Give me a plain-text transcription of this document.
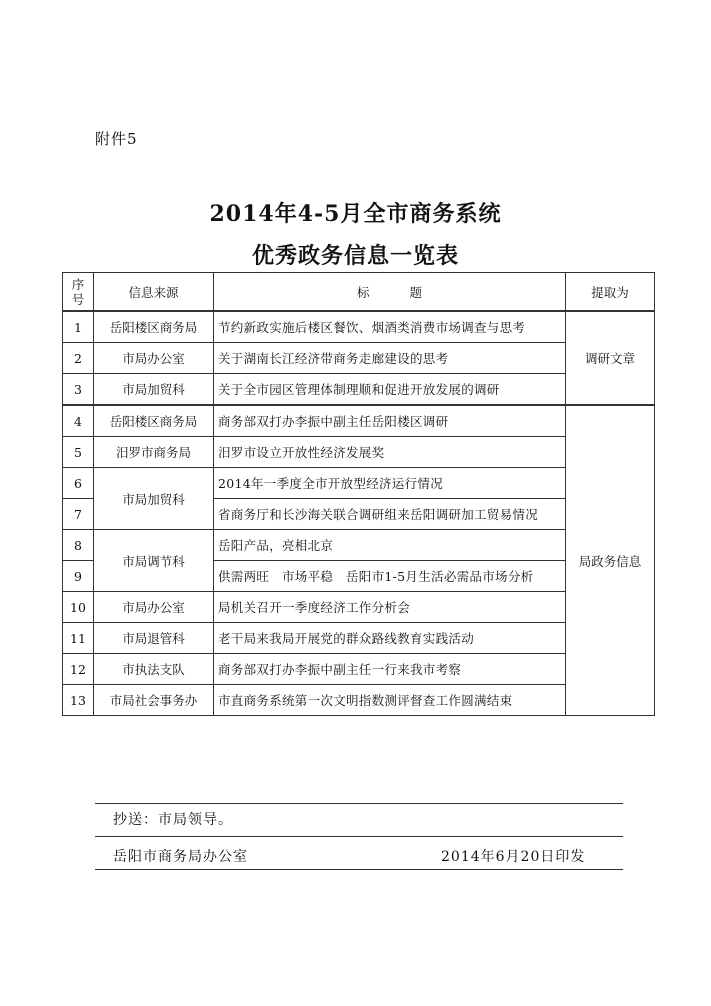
附件5
2014年4-5月全市商务系统
优秀政务信息一览表
序
号	信息来源	标题	提取为
1	岳阳楼区商务局	节约新政实施后楼区餐饮、烟酒类消费市场调查与思考	调研文章
2	市局办公室	关于湖南长江经济带商务走廊建设的思考	
3	市局加贸科	关于全市园区管理体制理顺和促进开放发展的调研	
4	岳阳楼区商务局	商务部双打办李振中副主任岳阳楼区调研	局政务信息
5	汨罗市商务局	汨罗市设立开放性经济发展奖	
6	市局加贸科	2014年一季度全市开放型经济运行情况	
7		省商务厅和长沙海关联合调研组来岳阳调研加工贸易情况	
8	市局调节科	岳阳产品，亮相北京	
9		供需两旺　市场平稳　岳阳市1-5月生活必需品市场分析	
10	市局办公室	局机关召开一季度经济工作分析会	
11	市局退管科	老干局来我局开展党的群众路线教育实践活动	
12	市执法支队	商务部双打办李振中副主任一行来我市考察	
13	市局社会事务办	市直商务系统第一次文明指数测评督查工作圆满结束	
抄送：市局领导。
岳阳市商务局办公室	2014年6月20日印发
